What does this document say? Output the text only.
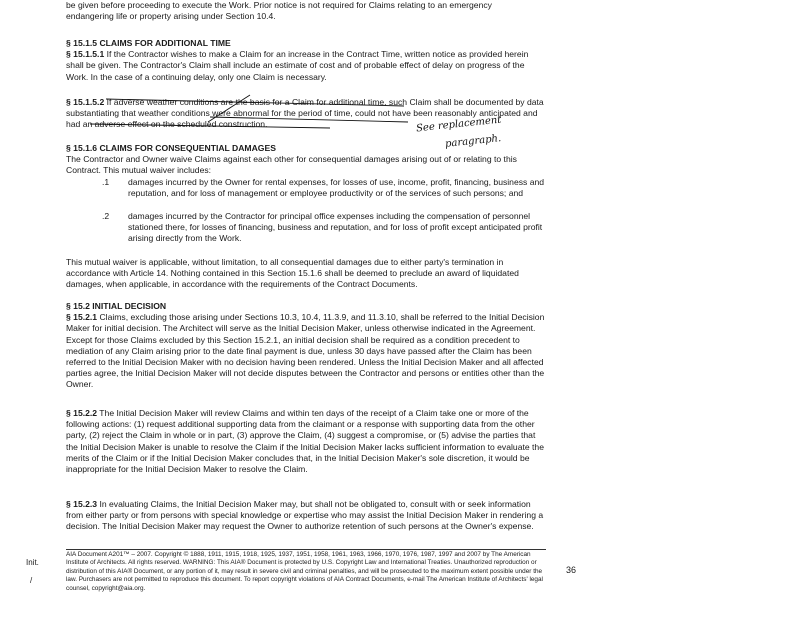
be given before proceeding to execute the Work. Prior notice is not required for Claims relating to an emergency

endangering life or property arising under Section 10.4.

§ 15.1.5 CLAIMS FOR ADDITIONAL TIME

§ 15.1.5.1 If the Contractor wishes to make a Claim for an increase in the Contract Time, written notice as provided herein shall be given. The Contractor's Claim shall include an estimate of cost and of probable effect of delay on progress of the Work. In the case of a continuing delay, only one Claim is necessary.

§ 15.1.5.2 If adverse weather conditions are the basis for a Claim for additional time, such Claim shall be documented by data substantiating that weather conditions were abnormal for the period of time, could not have been reasonably anticipated and had an adverse effect on the scheduled construction.	See replacement
paragraph.

§ 15.1.6 CLAIMS FOR CONSEQUENTIAL DAMAGES

The Contractor and Owner waive Claims against each other for consequential damages arising out of or relating to this Contract. This mutual waiver includes:

.1 damages incurred by the Owner for rental expenses, for losses of use, income, profit, financing, business and reputation, and for loss of management or employee productivity or of the services of such persons; and
.2 damages incurred by the Contractor for principal office expenses including the compensation of personnel stationed there, for losses of financing, business and reputation, and for loss of profit except anticipated profit arising directly from the Work.

This mutual waiver is applicable, without limitation, to all consequential damages due to either party's termination in accordance with Article 14. Nothing contained in this Section 15.1.6 shall be deemed to preclude an award of liquidated damages, when applicable, in accordance with the requirements of the Contract Documents.

§ 15.2 INITIAL DECISION

§ 15.2.1 Claims, excluding those arising under Sections 10.3, 10.4, 11.3.9, and 11.3.10, shall be referred to the Initial Decision Maker for initial decision. The Architect will serve as the Initial Decision Maker, unless otherwise indicated in the Agreement. Except for those Claims excluded by this Section 15.2.1, an initial decision shall be required as a condition precedent to mediation of any Claim arising prior to the date final payment is due, unless 30 days have passed after the Claim has been referred to the Initial Decision Maker with no decision having been rendered. Unless the Initial Decision Maker and all affected parties agree, the Initial Decision Maker will not decide disputes between the Contractor and persons or entities other than the Owner.

§ 15.2.2 The Initial Decision Maker will review Claims and within ten days of the receipt of a Claim take one or more of the following actions: (1) request additional supporting data from the claimant or a response with supporting data from the other party, (2) reject the Claim in whole or in part, (3) approve the Claim, (4) suggest a compromise, or (5) advise the parties that the Initial Decision Maker is unable to resolve the Claim if the Initial Decision Maker lacks sufficient information to evaluate the merits of the Claim or if the Initial Decision Maker concludes that, in the Initial Decision Maker's sole discretion, it would be inappropriate for the Initial Decision Maker to resolve the Claim.

§ 15.2.3 In evaluating Claims, the Initial Decision Maker may, but shall not be obligated to, consult with or seek information from either party or from persons with special knowledge or expertise who may assist the Initial Decision Maker in rendering a decision. The Initial Decision Maker may request the Owner to authorize retention of such persons at the Owner's expense.

AIA Document A201™ – 2007. Copyright © 1888, 1911, 1915, 1918, 1925, 1937, 1951, 1958, 1961, 1963, 1966, 1970, 1976, 1987, 1997 and 2007 by The American Institute of Architects. All rights reserved. WARNING: This AIA® Document is protected by U.S. Copyright Law and International Treaties. Unauthorized reproduction or distribution of this AIA® Document, or any portion of it, may result in severe civil and criminal penalties, and will be prosecuted to the maximum extent possible under the law. Purchasers are not permitted to reproduce this document. To report copyright violations of AIA Contract Documents, e-mail The American Institute of Architects' legal counsel, copyright@aia.org.
Init.
/
36
